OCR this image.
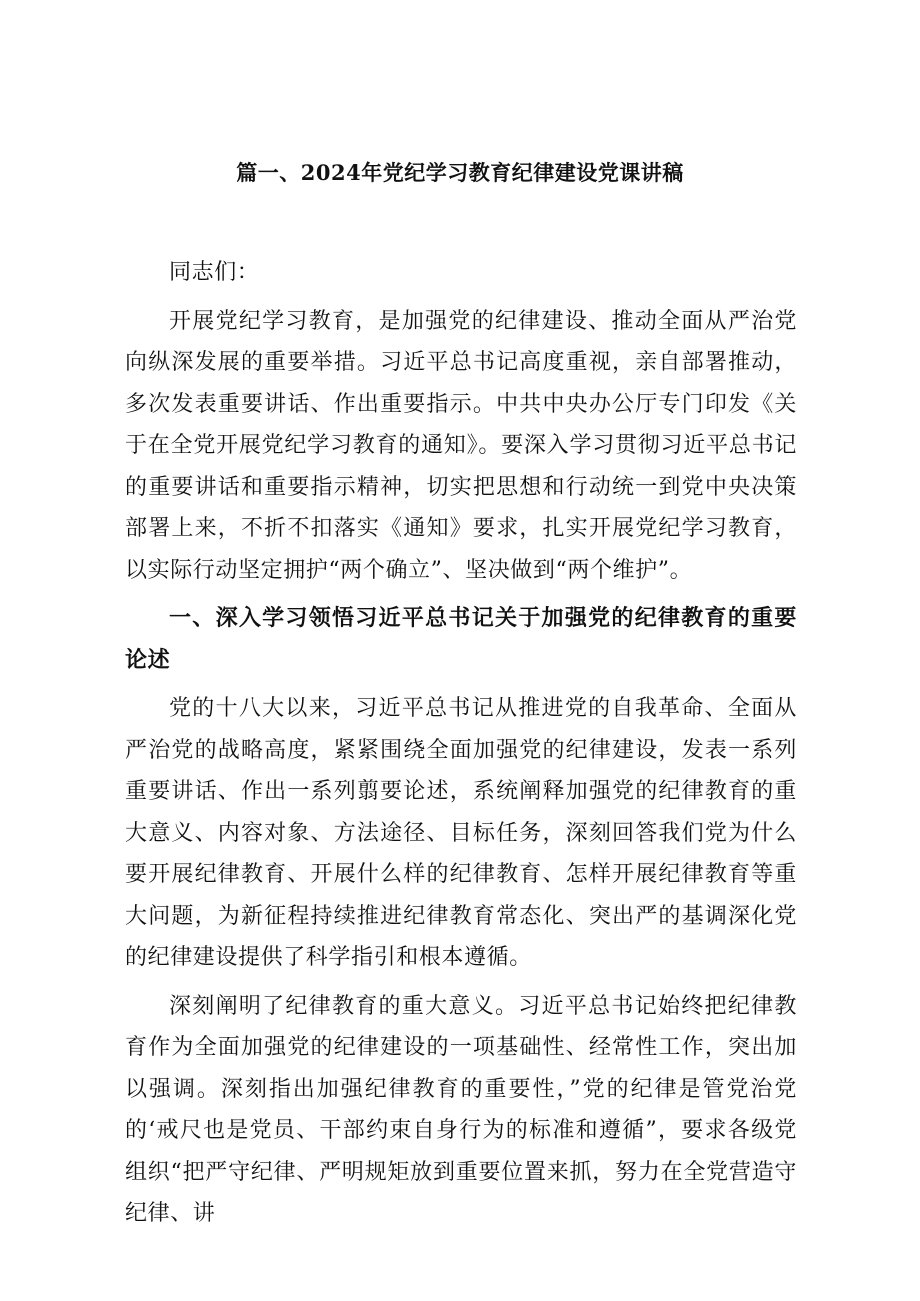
篇一、2024年党纪学习教育纪律建设党课讲稿

同志们：

开展党纪学习教育，是加强党的纪律建设、推动全面从严治党向纵深发展的重要举措。习近平总书记高度重视，亲自部署推动，多次发表重要讲话、作出重要指示。中共中央办公厅专门印发《关于在全党开展党纪学习教育的通知》。要深入学习贯彻习近平总书记的重要讲话和重要指示精神，切实把思想和行动统一到党中央决策部署上来，不折不扣落实《通知》要求，扎实开展党纪学习教育，以实际行动坚定拥护“两个确立”、坚决做到“两个维护”。

一、深入学习领悟习近平总书记关于加强党的纪律教育的重要论述

党的十八大以来，习近平总书记从推进党的自我革命、全面从严治党的战略高度，紧紧围绕全面加强党的纪律建设，发表一系列重要讲话、作出一系列翦要论述，系统阐释加强党的纪律教育的重大意义、内容对象、方法途径、目标任务，深刻回答我们党为什么要开展纪律教育、开展什么样的纪律教育、怎样开展纪律教育等重大问题，为新征程持续推进纪律教育常态化、突出严的基调深化党的纪律建设提供了科学指引和根本遵循。

深刻阐明了纪律教育的重大意义。习近平总书记始终把纪律教育作为全面加强党的纪律建设的一项基础性、经常性工作，突出加以强调。深刻指出加强纪律教育的重要性，”党的纪律是管党治党的‘戒尺也是党员、干部约束自身行为的标准和遵循”，要求各级党组织“把严守纪律、严明规矩放到重要位置来抓，努力在全党营造守纪律、讲
